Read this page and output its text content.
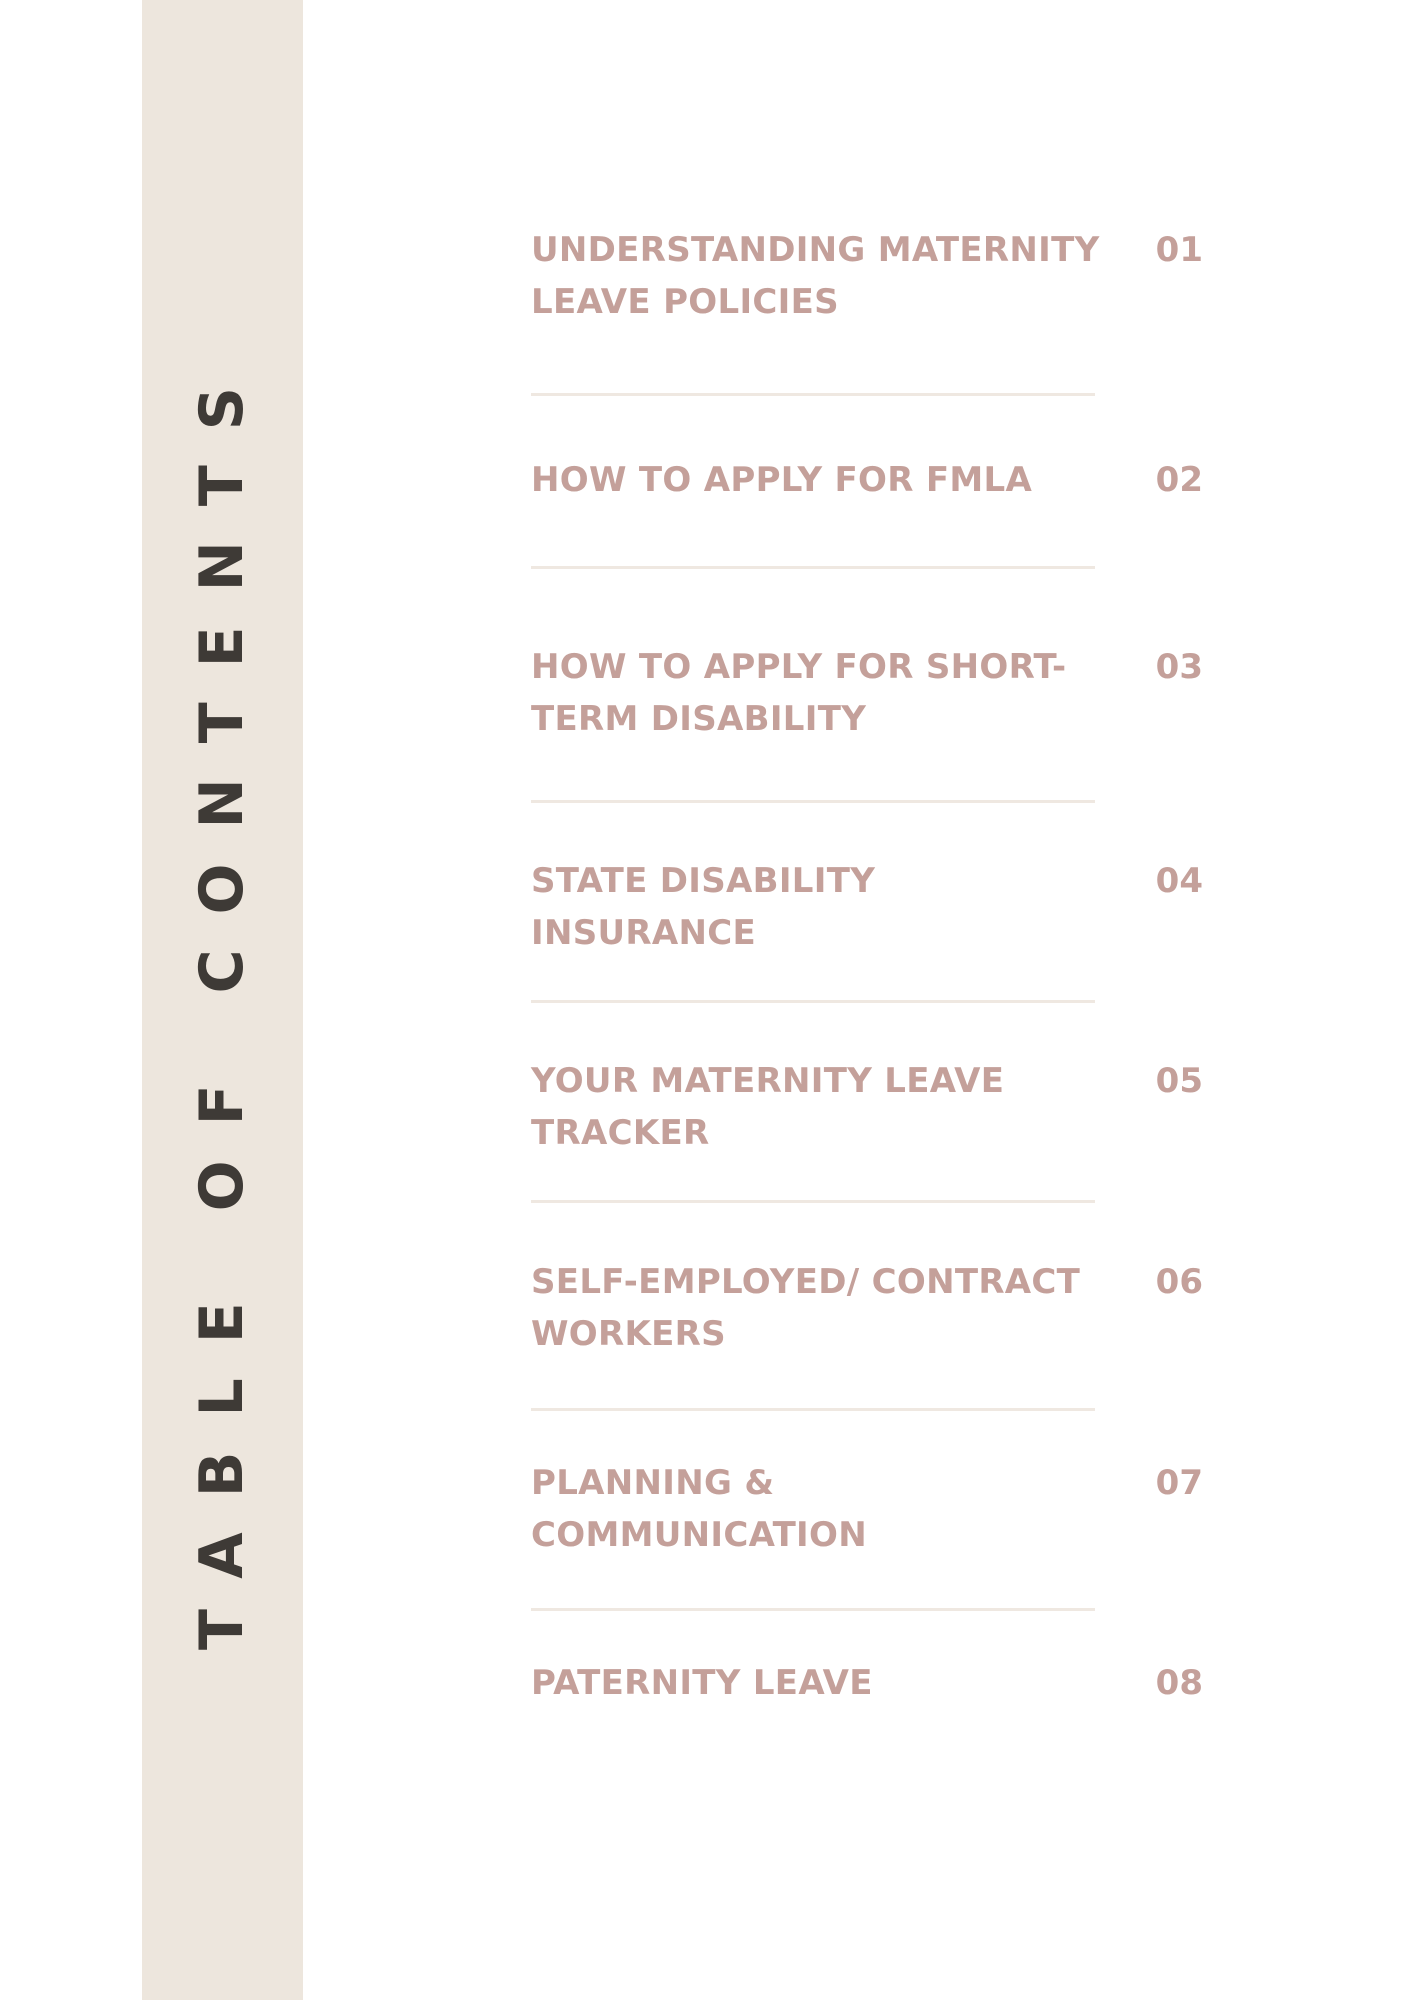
TABLE OF CONTENTS
UNDERSTANDING MATERNITY LEAVE POLICIES
01
HOW TO APPLY FOR FMLA	02
HOW TO APPLY FOR SHORT-TERM DISABILITY
03
STATE DISABILITY INSURANCE
04
YOUR MATERNITY LEAVE TRACKER
05
SELF-EMPLOYED/ CONTRACT WORKERS
06
PLANNING & COMMUNICATION
07
PATERNITY LEAVE	08
